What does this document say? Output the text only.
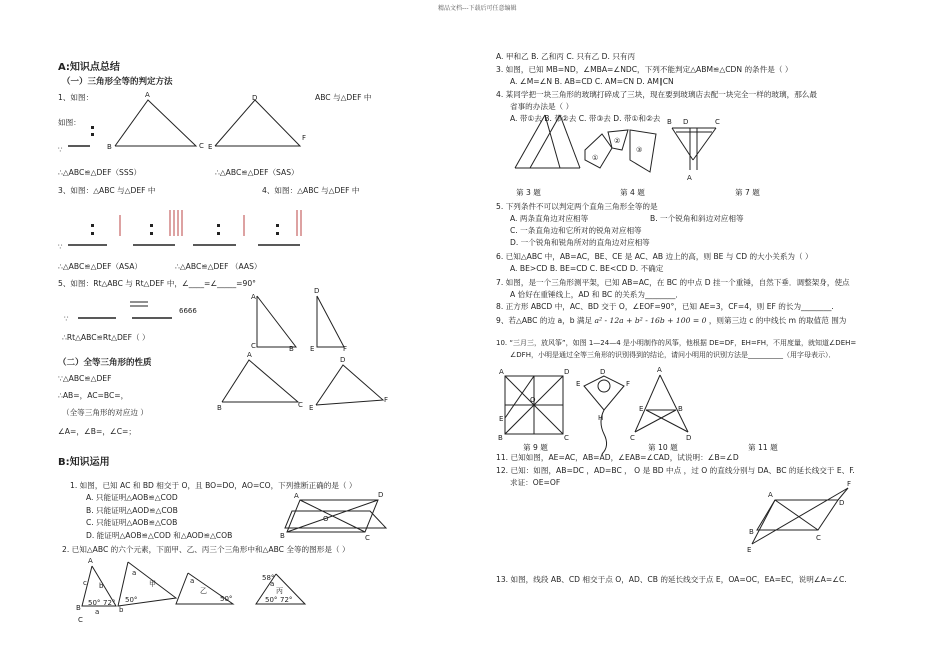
精品文档---下载后可任意编辑
A:知识点总结
（一）三角形全等的判定方法
1、如图：	ABC 与△DEF 中
如图：
∵
A
B	C
D
E
F
∵
∵
6666
A
C	B
D
E	F
A
B	C
D
E
F
A	D
B	C
O
A
B
C
c b
50° 72°
a
甲
a
50°
b
乙
a
50°
丙
a
50° 72°
58°
①
②
③
B D	C
A
A	D
B	C
O
E
D
E	F
H
A
C	D
E	B
A
D
B
C
F
E
∴△ABC≌△DEF（SSS）	∴△ABC≌△DEF（SAS）
3、如图：△ABC 与△DEF 中	4、如图：△ABC 与△DEF 中
∴△ABC≌△DEF（ASA）	∴△ABC≌△DEF （AAS）
5、如图：Rt△ABC 与 Rt△DEF 中，∠____=∠_____=90°
∴Rt△ABC≌Rt△DEF（ ）
（二）全等三角形的性质
∵△ABC≌△DEF
∴AB=，AC=BC=，
（全等三角形的对应边 ）
∠A=，∠B=，∠C=；
B:知识运用
1. 如图，已知 AC 和 BD 相交于 O，且 BO=DO，AO=CO，下列推断正确的是（ ）
A. 只能证明△AOB≌△COD
B. 只能证明△AOD≌△COB
C. 只能证明△AOB≌△COB
D. 能证明△AOB≌△COD 和△AOD≌△COB
2. 已知△ABC 的六个元素，下面甲、乙、丙三个三角形中和△ABC 全等的图形是（ ）
A. 甲和乙 B. 乙和丙 C. 只有乙 D. 只有丙
3. 如图，已知 MB=ND，∠MBA=∠NDC，下列不能判定△ABM≌△CDN 的条件是（ ）
A. ∠M=∠N B. AB=CD C. AM=CN D. AM∥CN
4. 某同学把一块三角形的玻璃打碎成了三块，现在要到玻璃店去配一块完全一样的玻璃，那么最
省事的办法是（ ）
A. 带①去 B. 带②去 C. 带③去 D. 带①和②去
第 3 题	第 4 题	第 7 题
5. 下列条件不可以判定两个直角三角形全等的是
A. 两条直角边对应相等	B. 一个锐角和斜边对应相等
C. 一条直角边和它所对的锐角对应相等
D. 一个锐角和锐角所对的直角边对应相等
6. 已知△ABC 中，AB=AC，BE、CE 是 AC、AB 边上的高，则 BE 与 CD 的大小关系为（ ）
A. BE>CD B. BE=CD C. BE<CD D. 不确定
7. 如图，是一个三角形测平架，已知 AB=AC，在 BC 的中点 D 挂一个重锤，自然下垂．调整架身，使点
A 恰好在重锤线上，AD 和 BC 的关系为________．
8. 正方形 ABCD 中，AC、BD 交于 O，∠EOF=90°，已知 AE=3，CF=4，则 EF 的长为________.
9、若△ABC 的边 a，b 满足 a² - 12a + b² - 16b + 100 = 0 ，则第三边 c 的中线长 m 的取值范 围为
10. “三月三，放风筝”，如图 1—24—4 是小明制作的风筝，他根据 DE=DF，EH=FH，不用度量，就知道∠DEH=
∠DFH，小明是通过全等三角形的识别得到的结论，请问小明用的识别方法是__________（用字母表示）．
第 9 题	第 10 题	第 11 题
11. 已知如图，AE=AC，AB=AD，∠EAB=∠CAD，试说明：∠B=∠D
12. 已知：如图，AB=DC ，AD=BC ， O 是 BD 中点 ，过 O 的直线分别与 DA、BC 的延长线交于 E、F.
求证：OE=OF
13. 如图，线段 AB、CD 相交于点 O，AD、CB 的延长线交于点 E，OA=OC，EA=EC，说明∠A=∠C.
